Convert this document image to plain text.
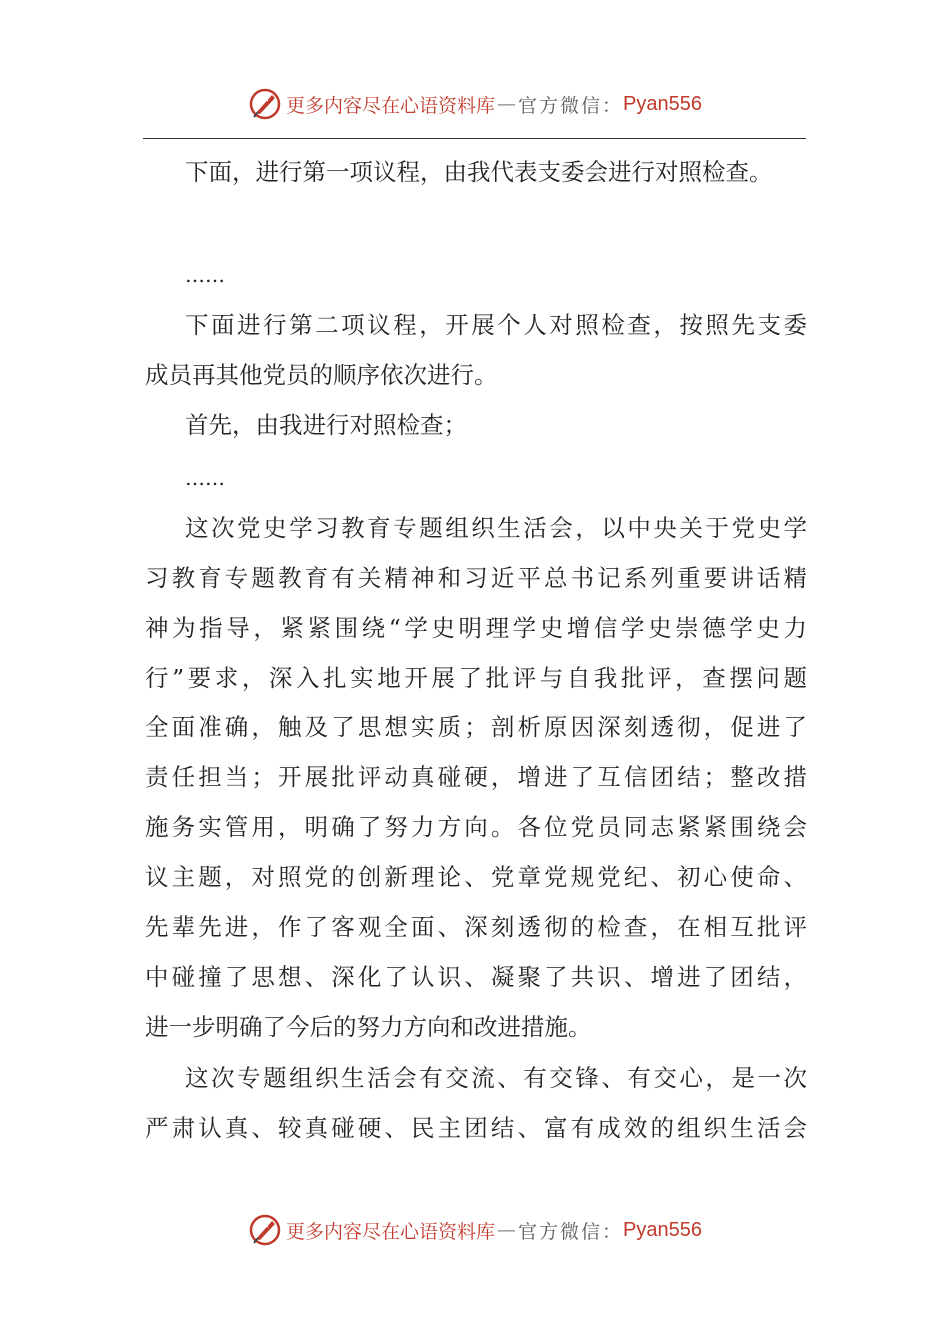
更多内容尽在心语资料库 — 官方微信： Pyan556
下面，进行第一项议程，由我代表支委会进行对照检查。
……
下面进行第二项议程，开展个人对照检查，按照先支委
成员再其他党员的顺序依次进行。
首先，由我进行对照检查；
……
这次党史学习教育专题组织生活会，以中央关于党史学
习教育专题教育有关精神和习近平总书记系列重要讲话精
神为指导，紧紧围绕“学史明理学史增信学史崇德学史力
行”要求，深入扎实地开展了批评与自我批评，查摆问题
全面准确，触及了思想实质；剖析原因深刻透彻，促进了
责任担当；开展批评动真碰硬，增进了互信团结；整改措
施务实管用，明确了努力方向。各位党员同志紧紧围绕会
议主题，对照党的创新理论、党章党规党纪、初心使命、
先辈先进，作了客观全面、深刻透彻的检查，在相互批评
中碰撞了思想、深化了认识、凝聚了共识、增进了团结，
进一步明确了今后的努力方向和改进措施。
这次专题组织生活会有交流、有交锋、有交心，是一次
严肃认真、较真碰硬、民主团结、富有成效的组织生活会
更多内容尽在心语资料库 — 官方微信： Pyan556
